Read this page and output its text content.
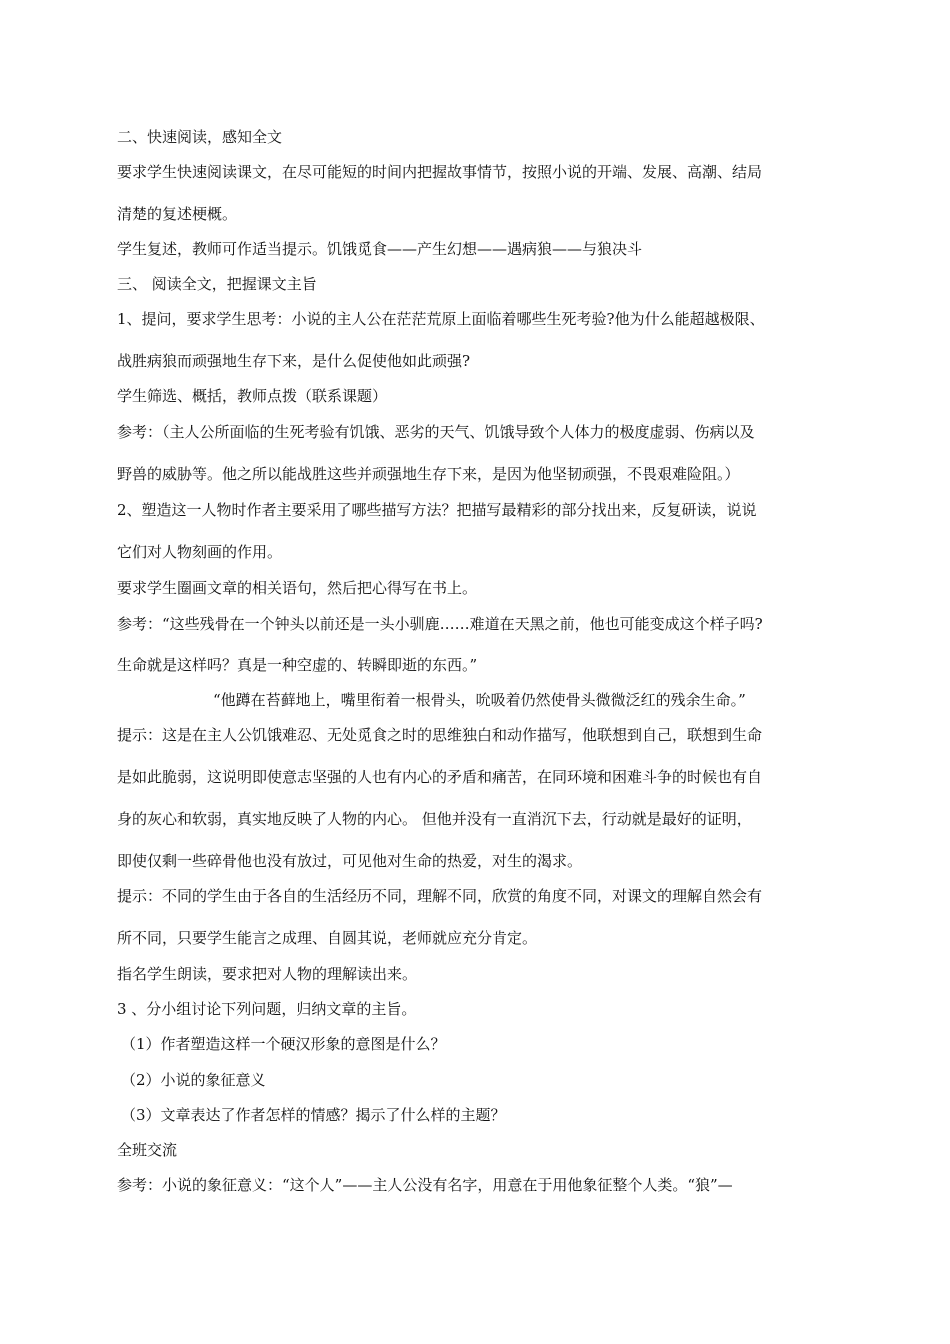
二、快速阅读，感知全文
要求学生快速阅读课文，在尽可能短的时间内把握故事情节，按照小说的开端、发展、高潮、结局
清楚的复述梗概。
学生复述，教师可作适当提示。饥饿觅食——产生幻想——遇病狼——与狼决斗
三、 阅读全文，把握课文主旨
1、提问，要求学生思考：小说的主人公在茫茫荒原上面临着哪些生死考验?他为什么能超越极限、
战胜病狼而顽强地生存下来，是什么促使他如此顽强?
学生筛选、概括，教师点拨（联系课题）
参考：（主人公所面临的生死考验有饥饿、恶劣的天气、饥饿导致个人体力的极度虚弱、伤病以及
野兽的威胁等。他之所以能战胜这些并顽强地生存下来，是因为他坚韧顽强，不畏艰难险阻。）
2、塑造这一人物时作者主要采用了哪些描写方法？把描写最精彩的部分找出来，反复研读，说说
它们对人物刻画的作用。
要求学生圈画文章的相关语句，然后把心得写在书上。
参考：“这些残骨在一个钟头以前还是一头小驯鹿……难道在天黑之前，他也可能变成这个样子吗?
生命就是这样吗？真是一种空虚的、转瞬即逝的东西。”
“他蹲在苔藓地上，嘴里衔着一根骨头，吮吸着仍然使骨头微微泛红的残余生命。”
提示：这是在主人公饥饿难忍、无处觅食之时的思维独白和动作描写，他联想到自己，联想到生命
是如此脆弱，这说明即使意志坚强的人也有内心的矛盾和痛苦，在同环境和困难斗争的时候也有自
身的灰心和软弱，真实地反映了人物的内心。 但他并没有一直消沉下去，行动就是最好的证明，
即使仅剩一些碎骨他也没有放过，可见他对生命的热爱，对生的渴求。
提示：不同的学生由于各自的生活经历不同，理解不同，欣赏的角度不同，对课文的理解自然会有
所不同，只要学生能言之成理、自圆其说，老师就应充分肯定。
指名学生朗读，要求把对人物的理解读出来。
3 、分小组讨论下列问题，归纳文章的主旨。
（1）作者塑造这样一个硬汉形象的意图是什么？
（2）小说的象征意义
（3）文章表达了作者怎样的情感？揭示了什么样的主题？
全班交流
参考：小说的象征意义：“这个人”——主人公没有名字，用意在于用他象征整个人类。“狼”—
